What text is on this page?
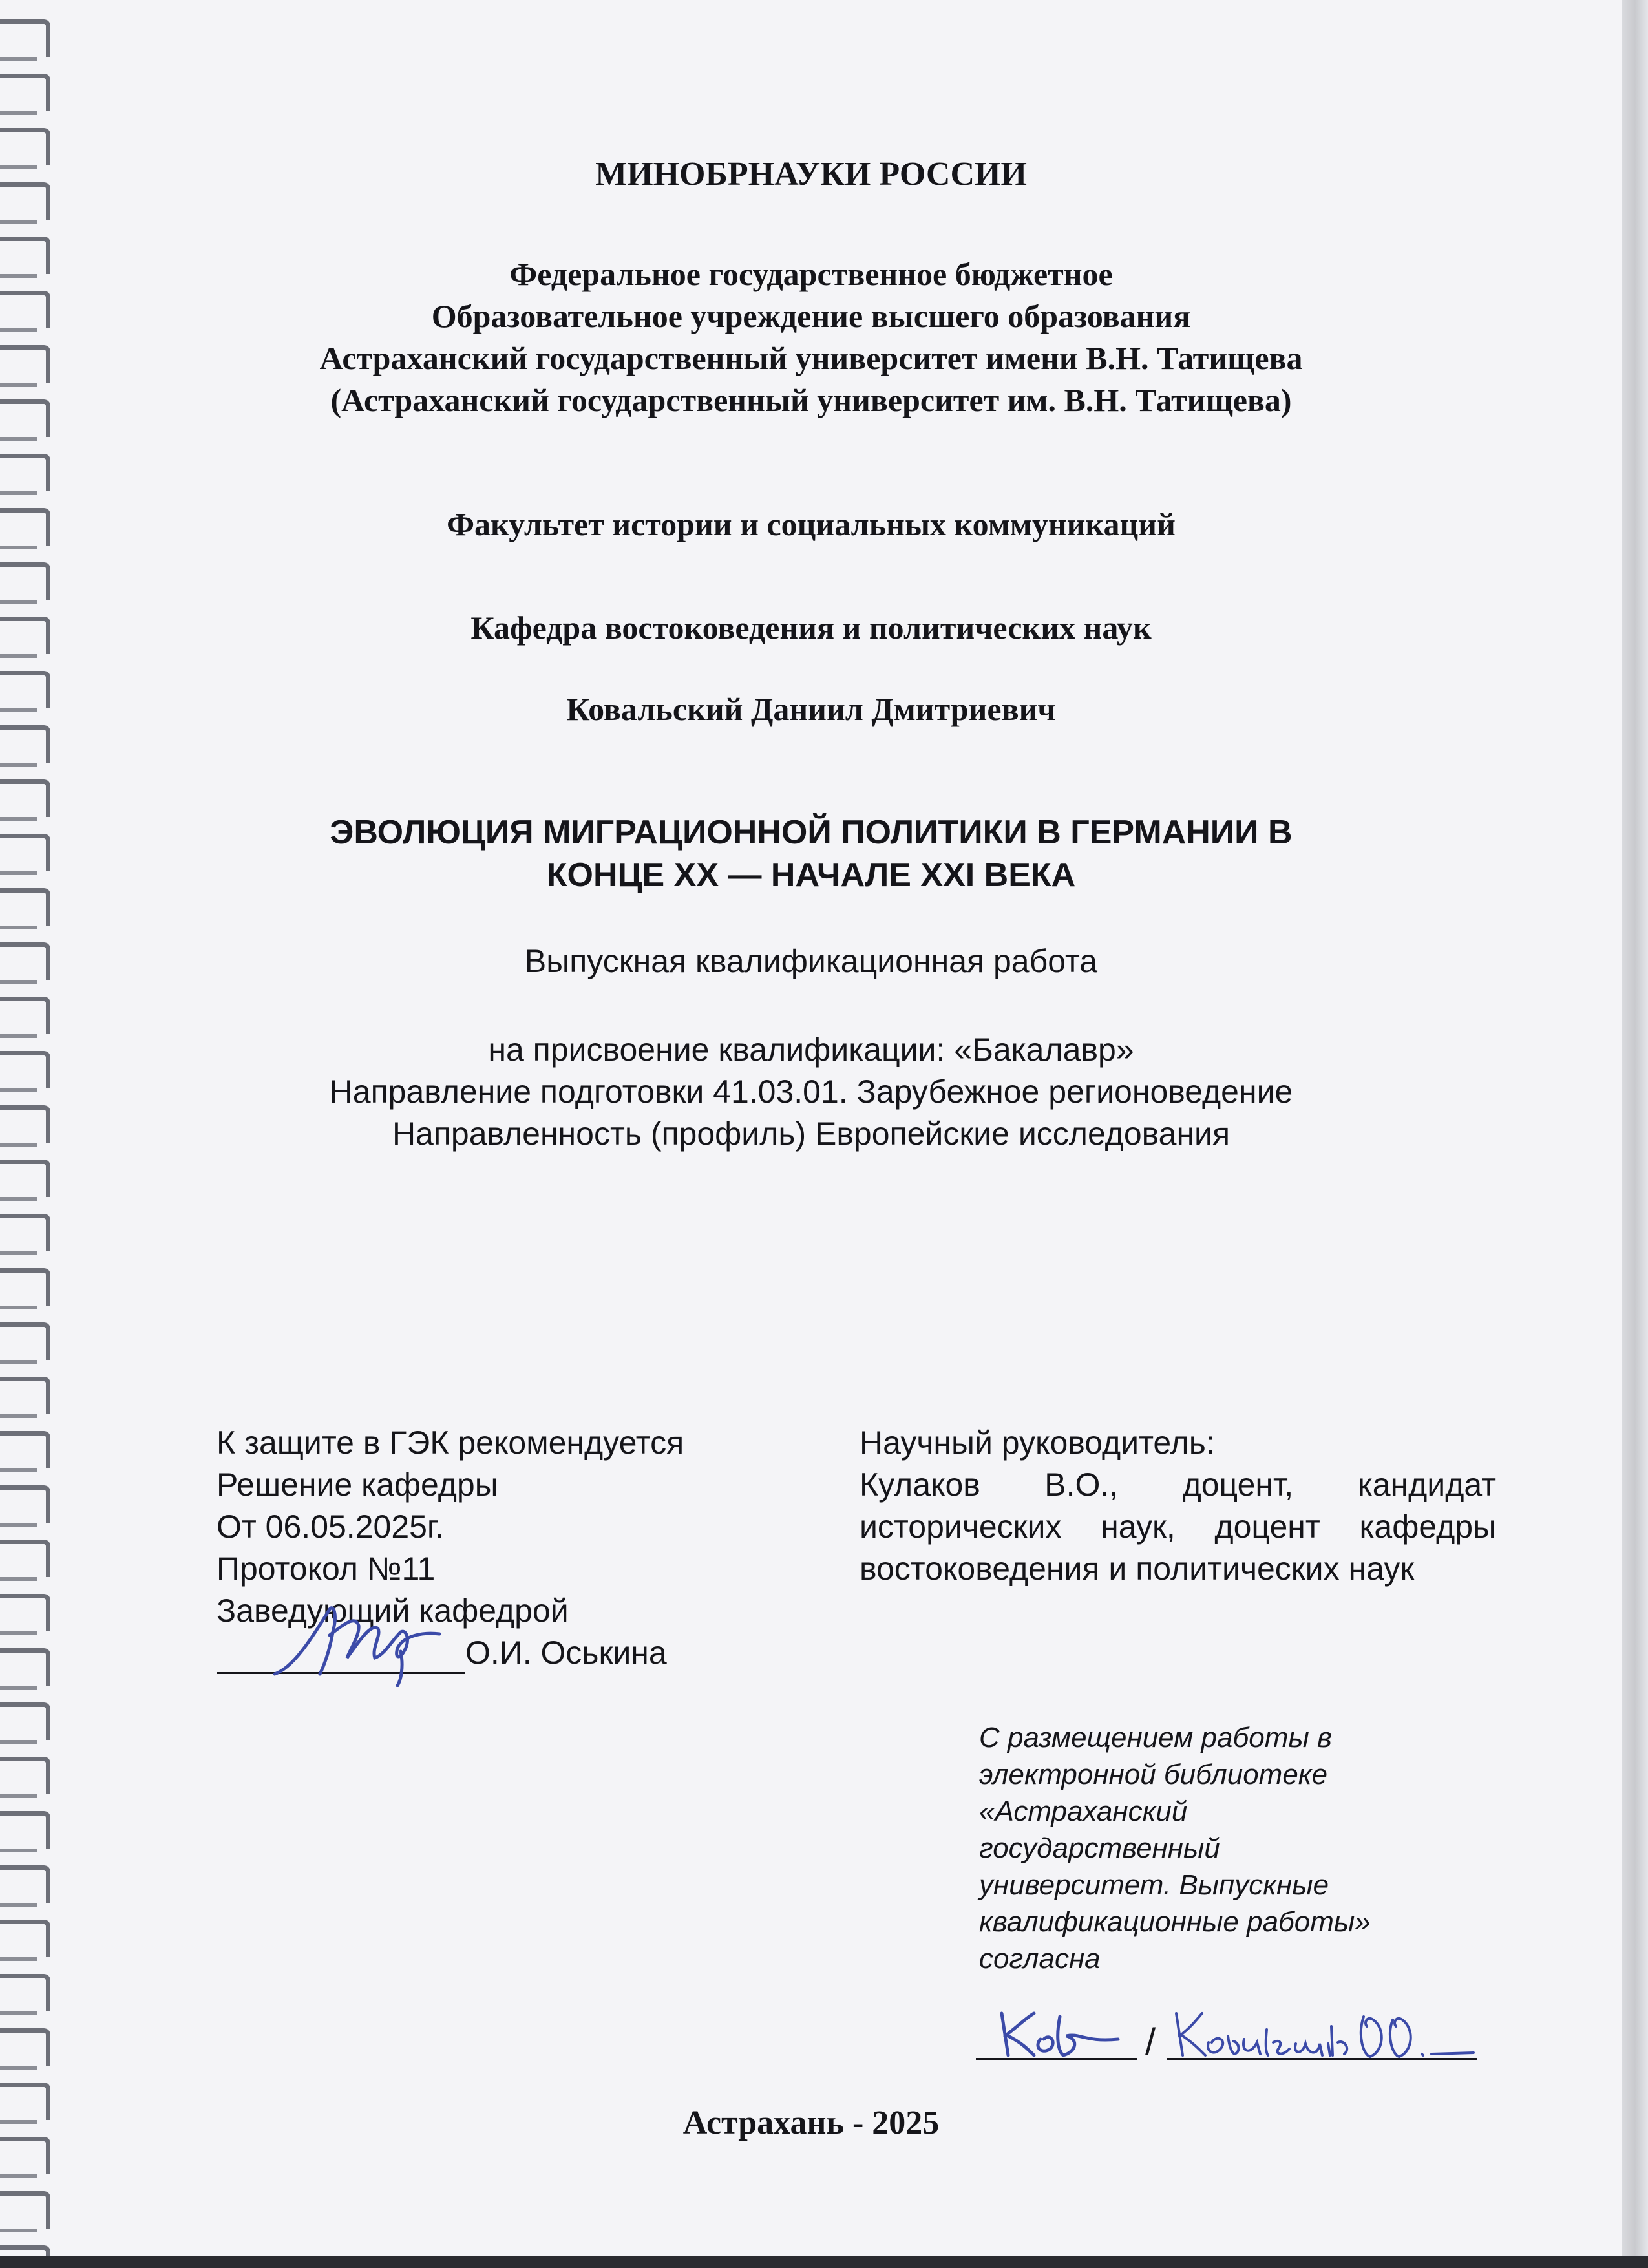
МИНОБРНАУКИ РОССИИ
Федеральное государственное бюджетное
Образовательное учреждение высшего образования
Астраханский государственный университет имени В.Н. Татищева
(Астраханский государственный университет им. В.Н. Татищева)
Факультет истории и социальных коммуникаций
Кафедра востоковедения и политических наук
Ковальский Даниил Дмитриевич
ЭВОЛЮЦИЯ МИГРАЦИОННОЙ ПОЛИТИКИ В ГЕРМАНИИ В
КОНЦЕ XX — НАЧАЛЕ XXI ВЕКА
Выпускная квалификационная работа
на присвоение квалификации: «Бакалавр»
Направление подготовки 41.03.01. Зарубежное регионоведение
Направленность (профиль) Европейские исследования
К защите в ГЭК рекомендуется
Решение кафедры
От 06.05.2025г.
Протокол №11
Заведующий кафедрой
О.И. Оськина
Научный руководитель:
Кулаков В.О., доцент, кандидат
исторических наук, доцент кафедры
востоковедения и политических наук
С размещением работы в
электронной библиотеке
«Астраханский
государственный
университет. Выпускные
квалификационные работы»
согласна
/
Астрахань - 2025
